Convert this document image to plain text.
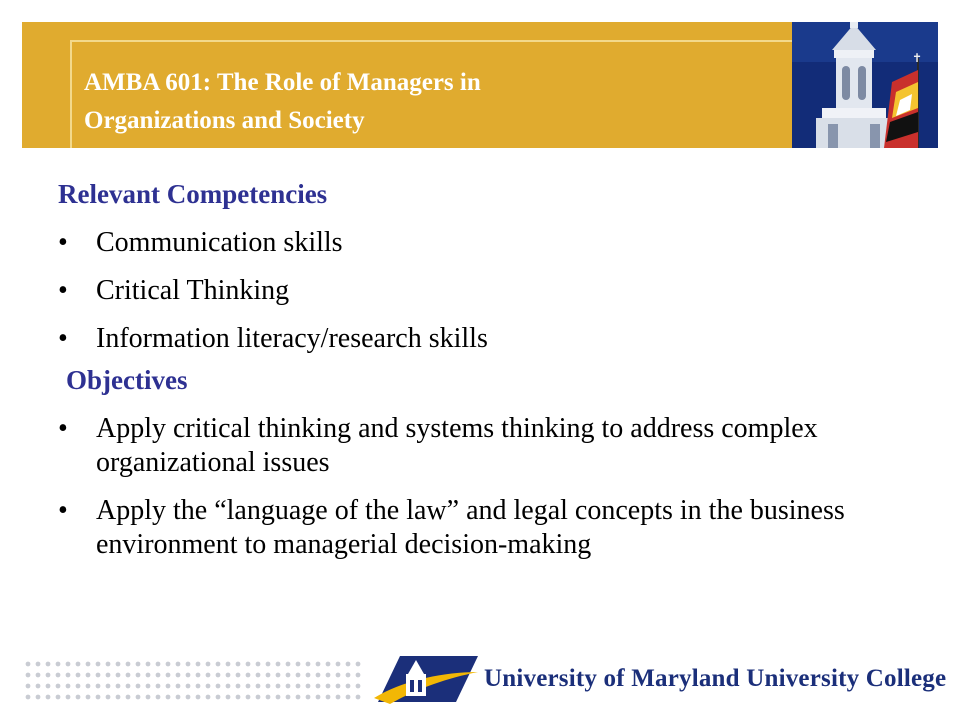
AMBA 601: The Role of Managers in
Organizations and Society
✝
Relevant Competencies
• Communication skills
• Critical Thinking
• Information literacy/research skills
Objectives
• Apply critical thinking and systems thinking to address complex organizational issues
• Apply the “language of the law” and legal concepts in the business environment to managerial decision-making
University of Maryland University College
